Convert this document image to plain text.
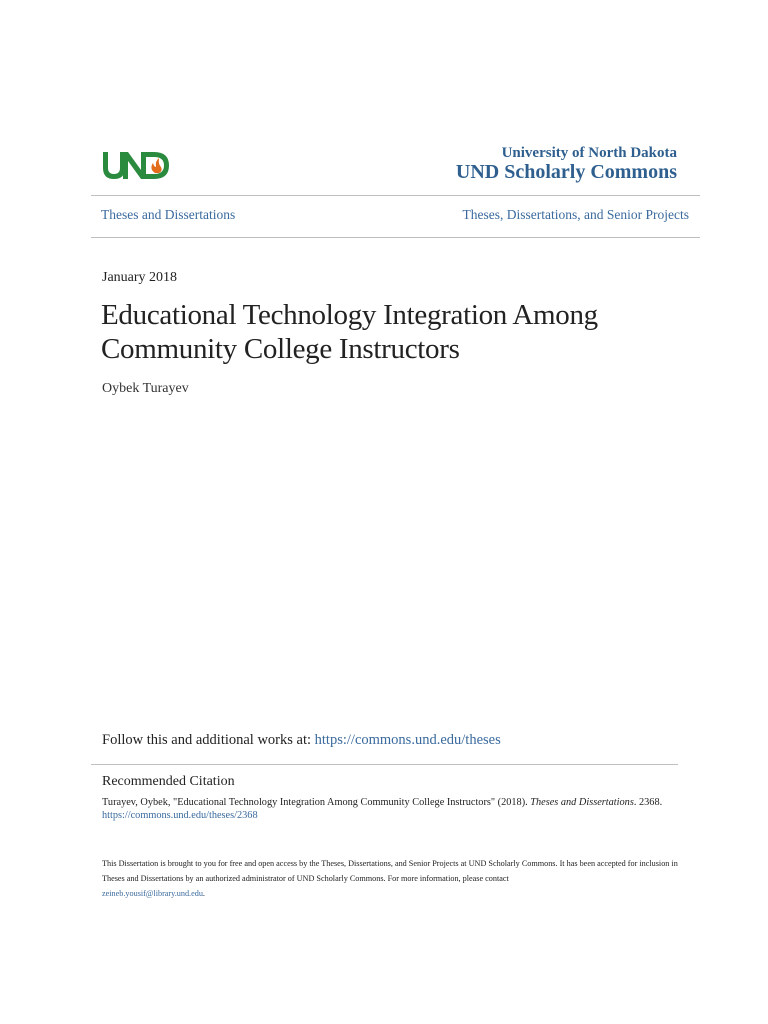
University of North Dakota
UND Scholarly Commons
Theses and Dissertations	Theses, Dissertations, and Senior Projects
January 2018
Educational Technology Integration Among
Community College Instructors
Oybek Turayev
Follow this and additional works at: https://commons.und.edu/theses
Recommended Citation
Turayev, Oybek, "Educational Technology Integration Among Community College Instructors" (2018). Theses and Dissertations. 2368.
https://commons.und.edu/theses/2368
This Dissertation is brought to you for free and open access by the Theses, Dissertations, and Senior Projects at UND Scholarly Commons. It has been accepted for inclusion in Theses and Dissertations by an authorized administrator of UND Scholarly Commons. For more information, please contact
zeineb.yousif@library.und.edu.
